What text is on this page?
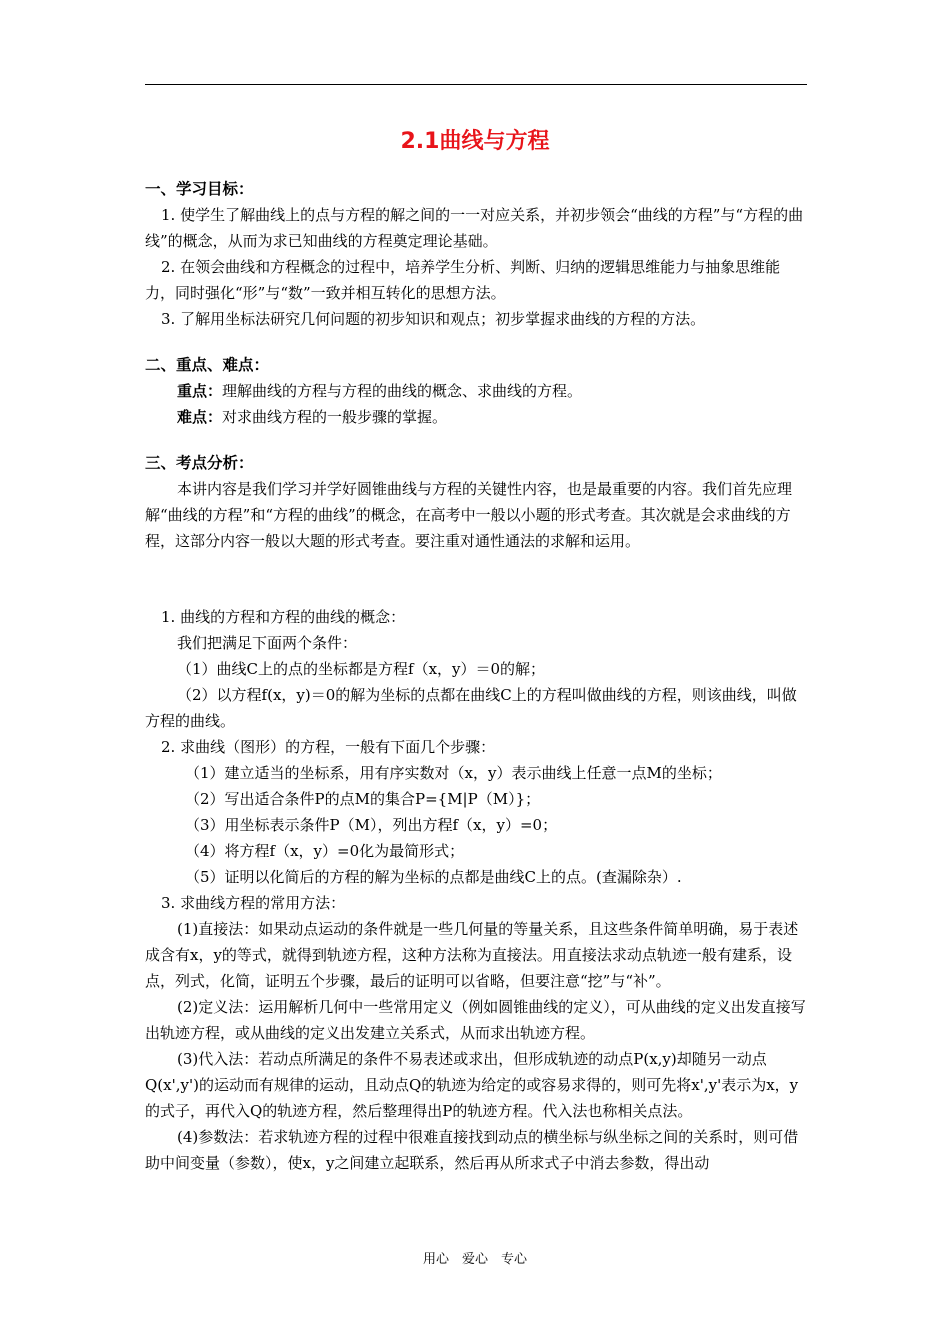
2.1曲线与方程

一、学习目标：

1. 使学生了解曲线上的点与方程的解之间的一一对应关系，并初步领会“曲线的方程”与“方程的曲线”的概念，从而为求已知曲线的方程奠定理论基础。

2. 在领会曲线和方程概念的过程中，培养学生分析、判断、归纳的逻辑思维能力与抽象思维能力，同时强化“形”与“数”一致并相互转化的思想方法。

3. 了解用坐标法研究几何问题的初步知识和观点；初步掌握求曲线的方程的方法。

二、重点、难点：

重点：理解曲线的方程与方程的曲线的概念、求曲线的方程。

难点：对求曲线方程的一般步骤的掌握。

三、考点分析：

本讲内容是我们学习并学好圆锥曲线与方程的关键性内容，也是最重要的内容。我们首先应理解“曲线的方程”和“方程的曲线”的概念，在高考中一般以小题的形式考查。其次就是会求曲线的方程，这部分内容一般以大题的形式考查。要注重对通性通法的求解和运用。

1. 曲线的方程和方程的曲线的概念：

我们把满足下面两个条件：

（1）曲线C上的点的坐标都是方程f（x，y）＝0的解；

（2）以方程f(x，y)＝0的解为坐标的点都在曲线C上的方程叫做曲线的方程，则该曲线，叫做方程的曲线。

2. 求曲线（图形）的方程，一般有下面几个步骤：

（1）建立适当的坐标系，用有序实数对（x，y）表示曲线上任意一点M的坐标；

（2）写出适合条件P的点M的集合P={M|P（M）}；

（3）用坐标表示条件P（M），列出方程f（x，y）=0；

（4）将方程f（x，y）=0化为最简形式；

（5）证明以化简后的方程的解为坐标的点都是曲线C上的点。(查漏除杂）.

3. 求曲线方程的常用方法：

(1)直接法：如果动点运动的条件就是一些几何量的等量关系，且这些条件简单明确，易于表述成含有x，y的等式，就得到轨迹方程，这种方法称为直接法。用直接法求动点轨迹一般有建系，设点，列式，化简，证明五个步骤，最后的证明可以省略，但要注意“挖”与“补”。

(2)定义法：运用解析几何中一些常用定义（例如圆锥曲线的定义），可从曲线的定义出发直接写出轨迹方程，或从曲线的定义出发建立关系式，从而求出轨迹方程。

(3)代入法：若动点所满足的条件不易表述或求出，但形成轨迹的动点P(x,y)却随另一动点Q(x',y')的运动而有规律的运动，且动点Q的轨迹为给定的或容易求得的，则可先将x',y'表示为x，y的式子，再代入Q的轨迹方程，然后整理得出P的轨迹方程。代入法也称相关点法。

(4)参数法：若求轨迹方程的过程中很难直接找到动点的横坐标与纵坐标之间的关系时，则可借助中间变量（参数），使x，y之间建立起联系，然后再从所求式子中消去参数，得出动

用心　爱心　专心
